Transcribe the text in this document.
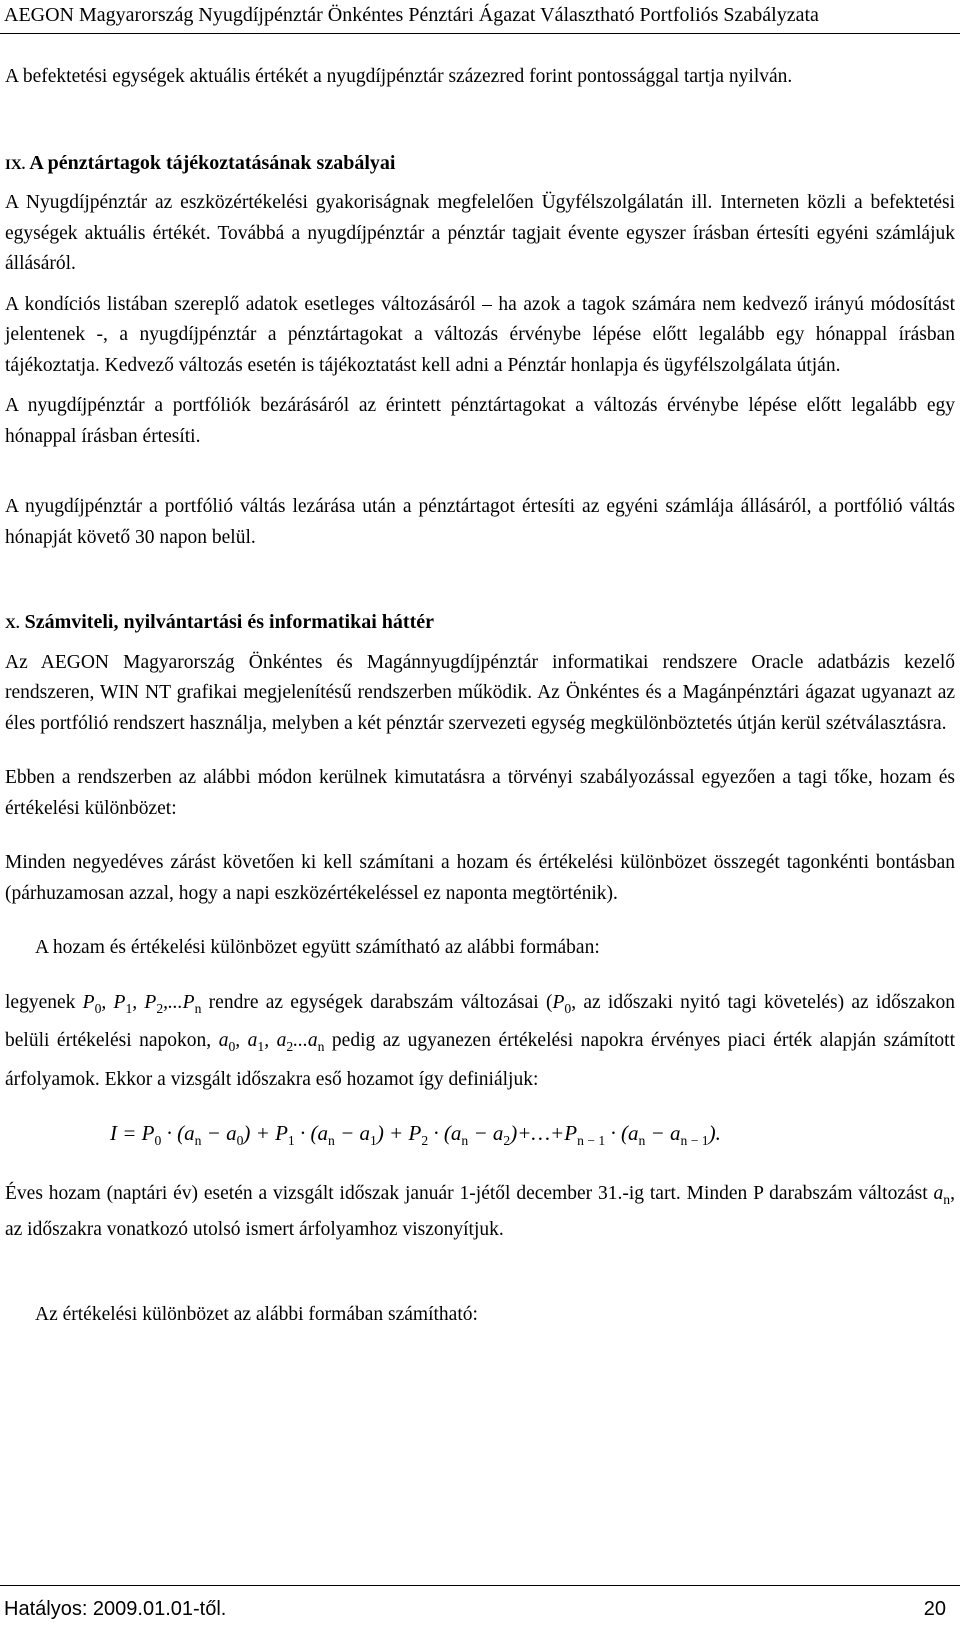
AEGON Magyarország Nyugdíjpénztár Önkéntes Pénztári Ágazat Választható Portfoliós Szabályzata

A befektetési egységek aktuális értékét a nyugdíjpénztár százezred forint pontossággal tartja nyilván.

IX. A pénztártagok tájékoztatásának szabályai

A Nyugdíjpénztár az eszközértékelési gyakoriságnak megfelelően Ügyfélszolgálatán ill. Interneten közli a befektetési egységek aktuális értékét. Továbbá a nyugdíjpénztár a pénztár tagjait évente egyszer írásban értesíti egyéni számlájuk állásáról.

A kondíciós listában szereplő adatok esetleges változásáról – ha azok a tagok számára nem kedvező irányú módosítást jelentenek -, a nyugdíjpénztár a pénztártagokat a változás érvénybe lépése előtt legalább egy hónappal írásban tájékoztatja. Kedvező változás esetén is tájékoztatást kell adni a Pénztár honlapja és ügyfélszolgálata útján.

A nyugdíjpénztár a portfóliók bezárásáról az érintett pénztártagokat a változás érvénybe lépése előtt legalább egy hónappal írásban értesíti.

A nyugdíjpénztár a portfólió váltás lezárása után a pénztártagot értesíti az egyéni számlája állásáról, a portfólió váltás hónapját követő 30 napon belül.

X. Számviteli, nyilvántartási és informatikai háttér

Az AEGON Magyarország Önkéntes és Magánnyugdíjpénztár informatikai rendszere Oracle adatbázis kezelő rendszeren, WIN NT grafikai megjelenítésű rendszerben működik. Az Önkéntes és a Magánpénztári ágazat ugyanazt az éles portfólió rendszert használja, melyben a két pénztár szervezeti egység megkülönböztetés útján kerül szétválasztásra.

Ebben a rendszerben az alábbi módon kerülnek kimutatásra a törvényi szabályozással egyezően a tagi tőke, hozam és értékelési különbözet:

Minden negyedéves zárást követően ki kell számítani a hozam és értékelési különbözet összegét tagonkénti bontásban (párhuzamosan azzal, hogy a napi eszközértékeléssel ez naponta megtörténik).

A hozam és értékelési különbözet együtt számítható az alábbi formában:

legyenek $P_0$, $P_1$, $P_2,...P_n$ rendre az egységek darabszám változásai ($P_0$, az időszaki nyitó tagi követelés) az időszakon belüli értékelési napokon, $a_0$, $a_1$, $a_2...a_n$ pedig az ugyanezen értékelési napokra érvényes piaci érték alapján számított árfolyamok. Ekkor a vizsgált időszakra eső hozamot így definiáljuk:

$I = P_0 \cdot (a_n - a_0) + P_1 \cdot (a_n - a_1) + P_2 \cdot (a_n$ − $a_2)+\dots+P_{n - 1} \cdot (a_n - a_{n - 1})$.

Éves hozam (naptári év) esetén a vizsgált időszak január 1-jétől december 31.-ig tart. Minden P darabszám változást $a_n$, az időszakra vonatkozó utolsó ismert árfolyamhoz viszonyítjuk.

Az értékelési különbözet az alábbi formában számítható:

Hatályos: 2009.01.01-től.	20
